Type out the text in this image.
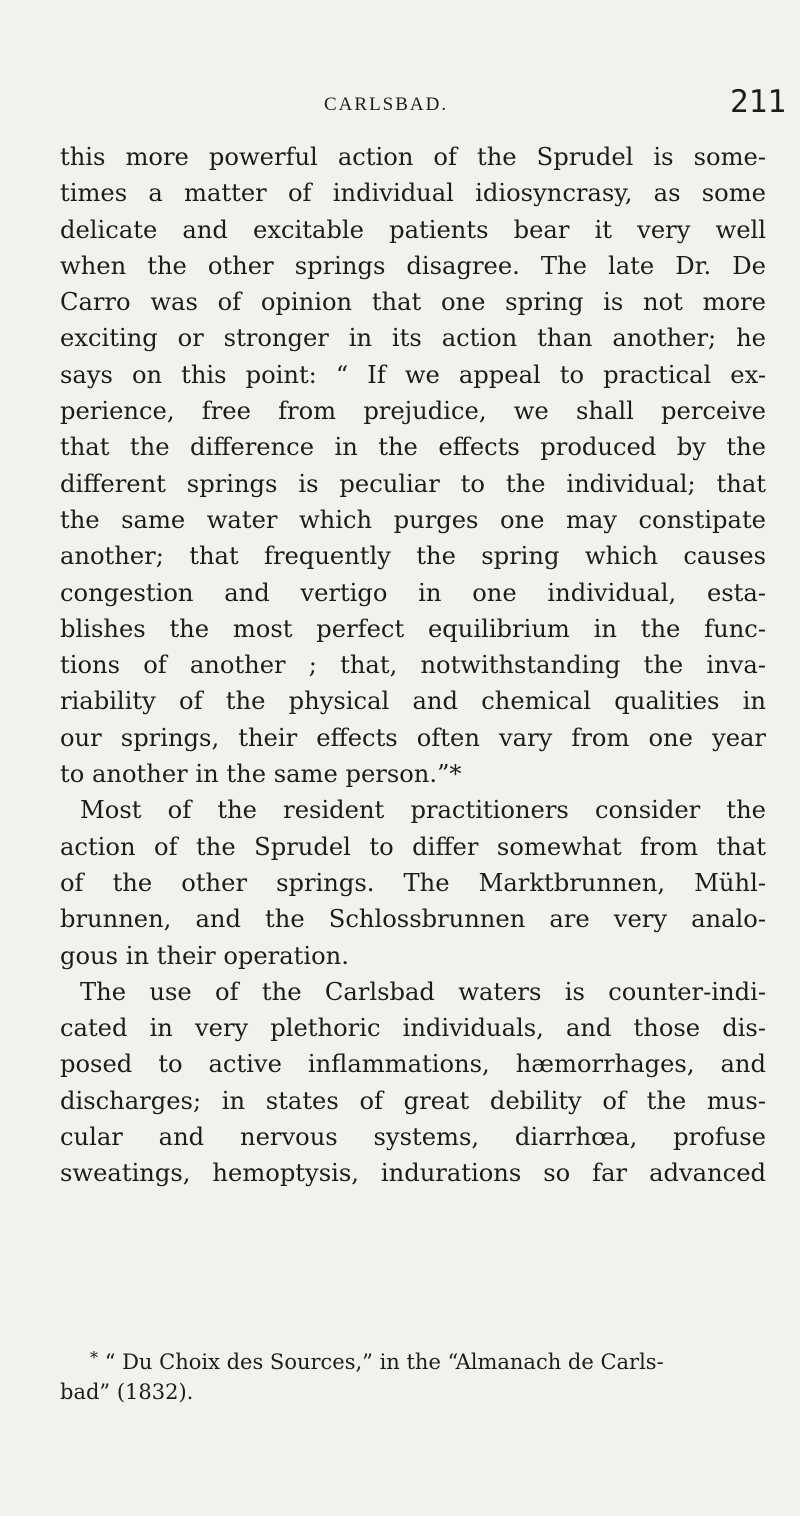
CARLSBAD.	211
this more powerful action of the Sprudel is some-
times a matter of individual idiosyncrasy, as some
delicate and excitable patients bear it very well
when the other springs disagree. The late Dr. De
Carro was of opinion that one spring is not more
exciting or stronger in its action than another; he
says on this point: “ If we appeal to practical ex-
perience, free from prejudice, we shall perceive
that the difference in the effects produced by the
different springs is peculiar to the individual; that
the same water which purges one may constipate
another; that frequently the spring which causes
congestion and vertigo in one individual, esta-
blishes the most perfect equilibrium in the func-
tions of another ; that, notwithstanding the inva-
riability of the physical and chemical qualities in
our springs, their effects often vary from one year
to another in the same person.”*
Most of the resident practitioners consider the
action of the Sprudel to differ somewhat from that
of the other springs. The Marktbrunnen, Mühl-
brunnen, and the Schlossbrunnen are very analo-
gous in their operation.
The use of the Carlsbad waters is counter-indi-
cated in very plethoric individuals, and those dis-
posed to active inflammations, hæmorrhages, and
discharges; in states of great debility of the mus-
cular and nervous systems, diarrhœa, profuse
sweatings, hemoptysis, indurations so far advanced
* “ Du Choix des Sources,” in the “Almanach de Carls-
bad” (1832).
